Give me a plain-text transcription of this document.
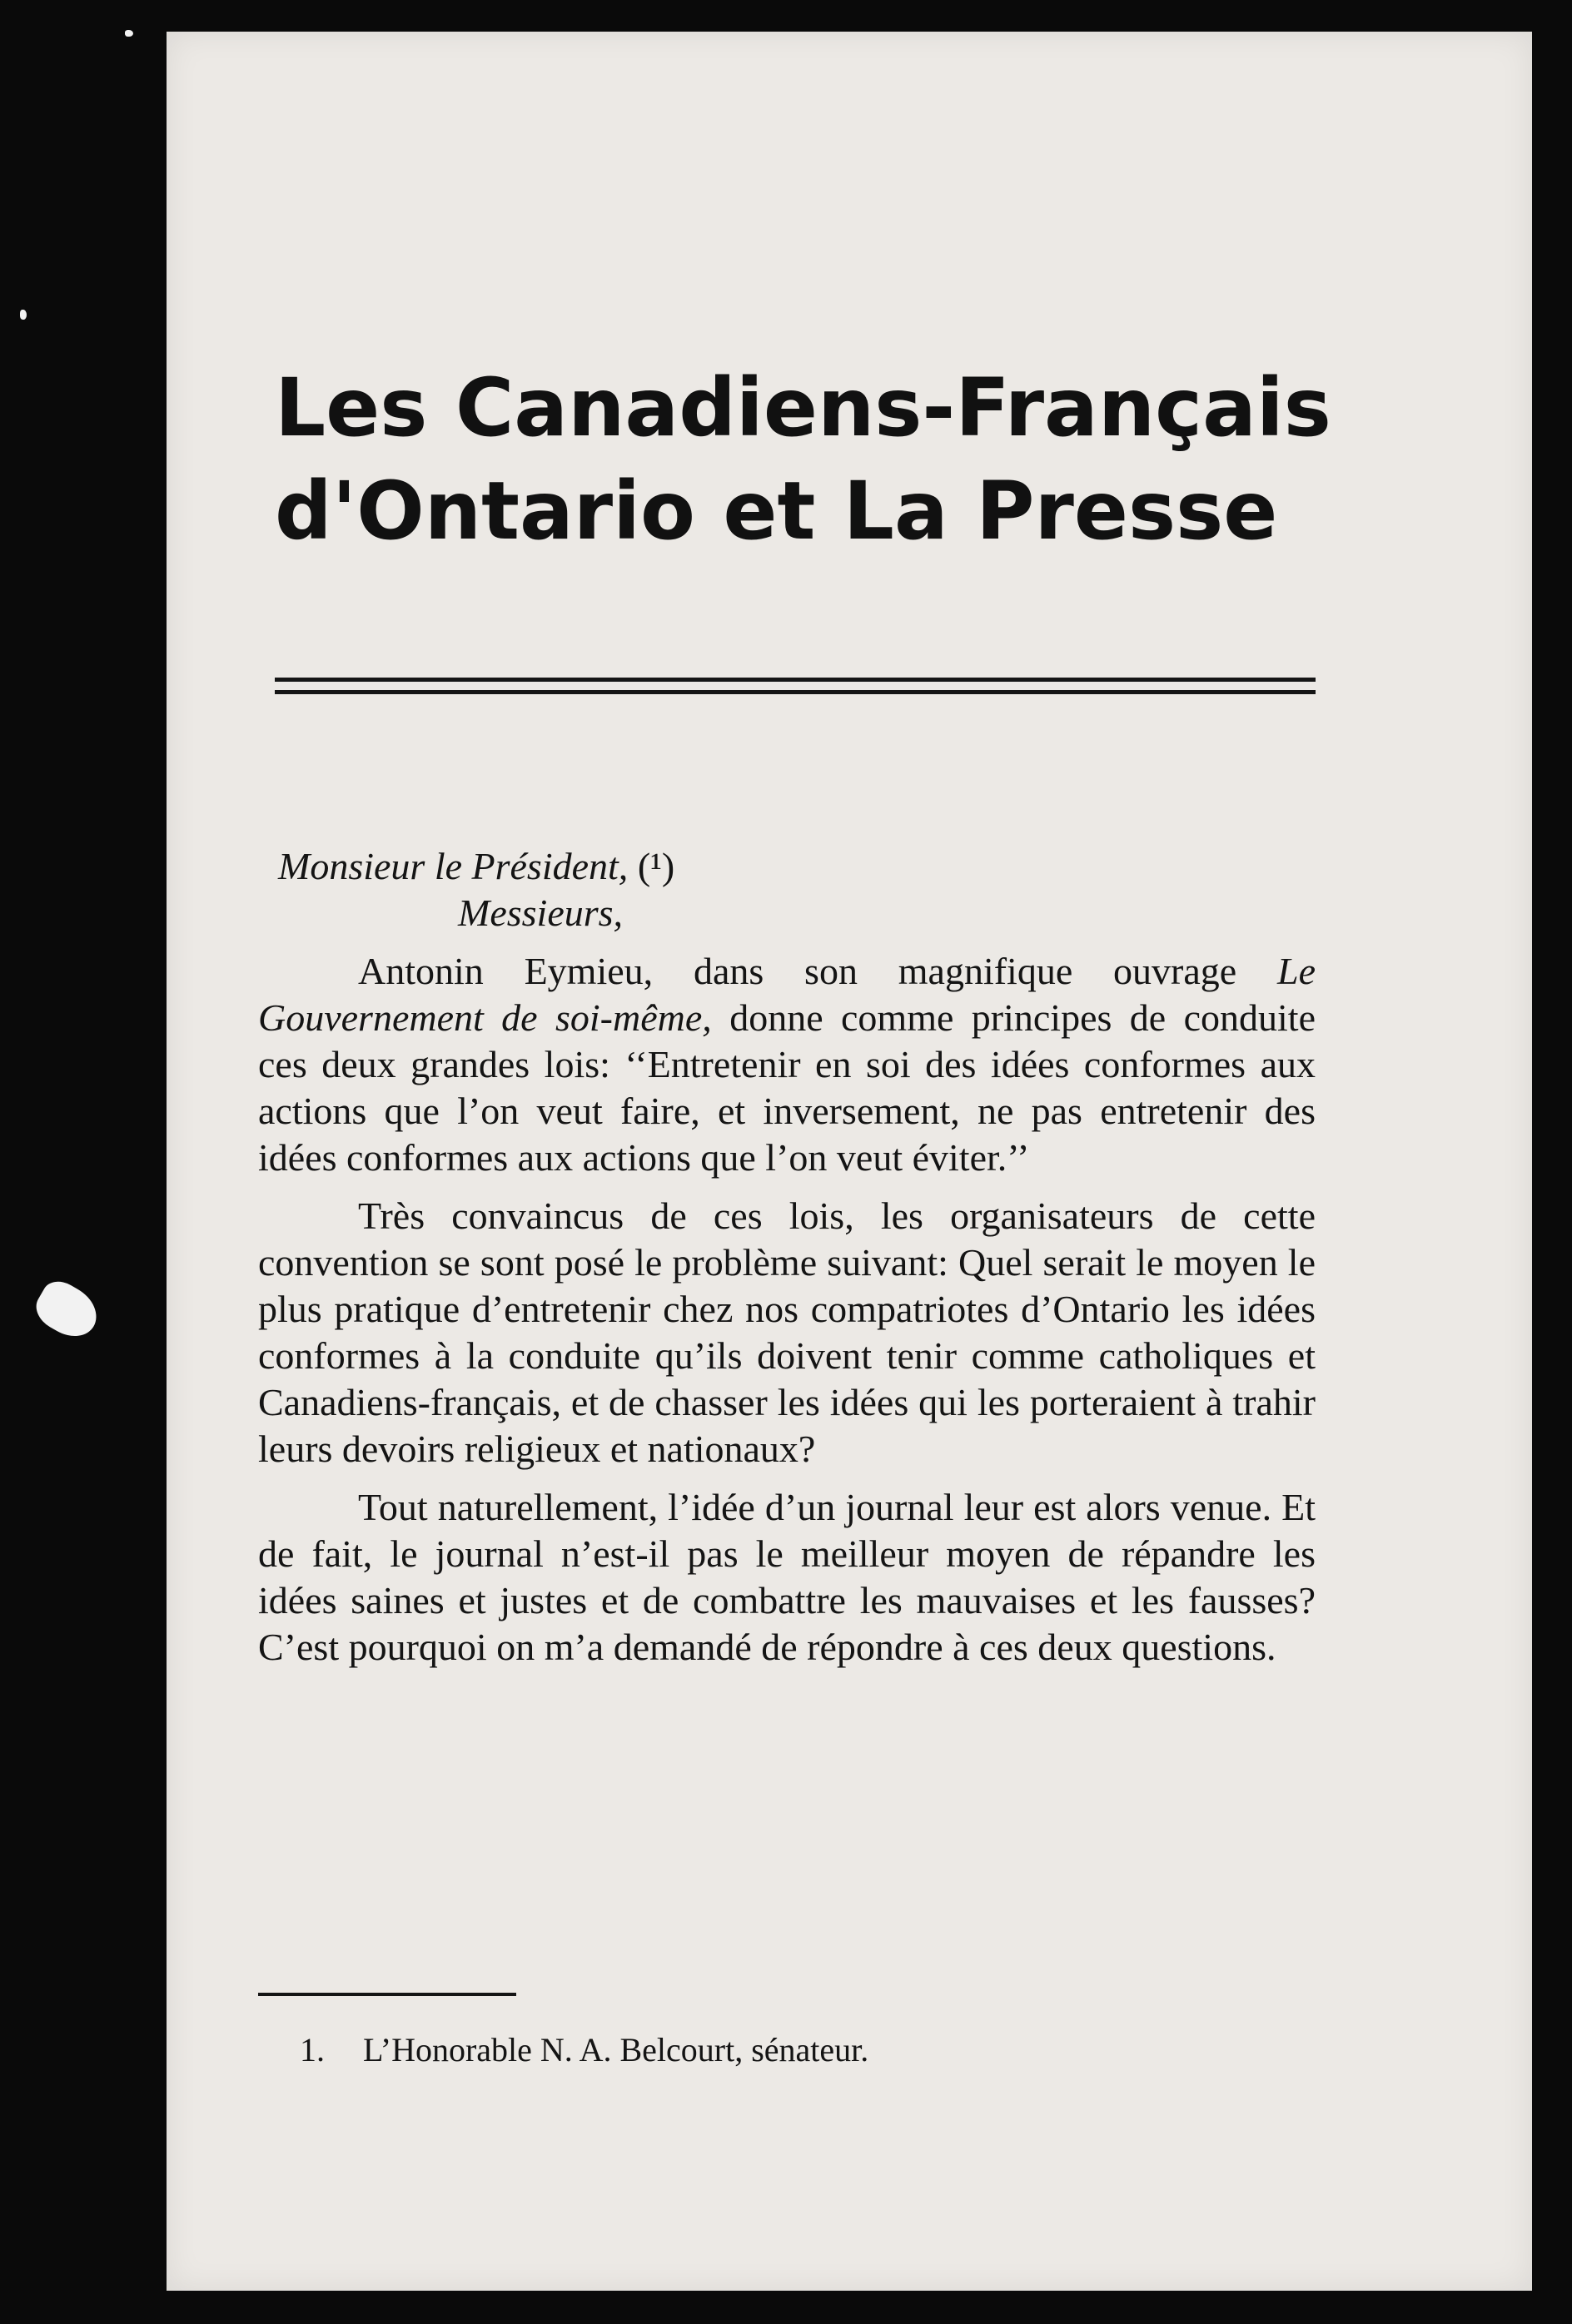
Les Canadiens-Français
d'Ontario et La Presse

Monsieur le Président, (¹)

Messieurs,

Antonin Eymieu, dans son magnifique ouvrage Le Gouvernement de soi-même, donne comme principes de conduite ces deux grandes lois: ‘‘Entretenir en soi des idées conformes aux actions que l’on veut faire, et inversement, ne pas entretenir des idées conformes aux actions que l’on veut éviter.’’

Très convaincus de ces lois, les organisateurs de cette convention se sont posé le problème suivant: Quel serait le moyen le plus pratique d’entretenir chez nos compatriotes d’Ontario les idées conformes à la conduite qu’ils doivent tenir comme catholiques et Canadiens-français, et de chasser les idées qui les porteraient à trahir leurs devoirs religieux et nationaux?

Tout naturellement, l’idée d’un journal leur est alors venue. Et de fait, le journal n’est-il pas le meilleur moyen de répandre les idées saines et justes et de combattre les mauvaises et les fausses? C’est pourquoi on m’a demandé de répondre à ces deux questions.

1. L’Honorable N. A. Belcourt, sénateur.
